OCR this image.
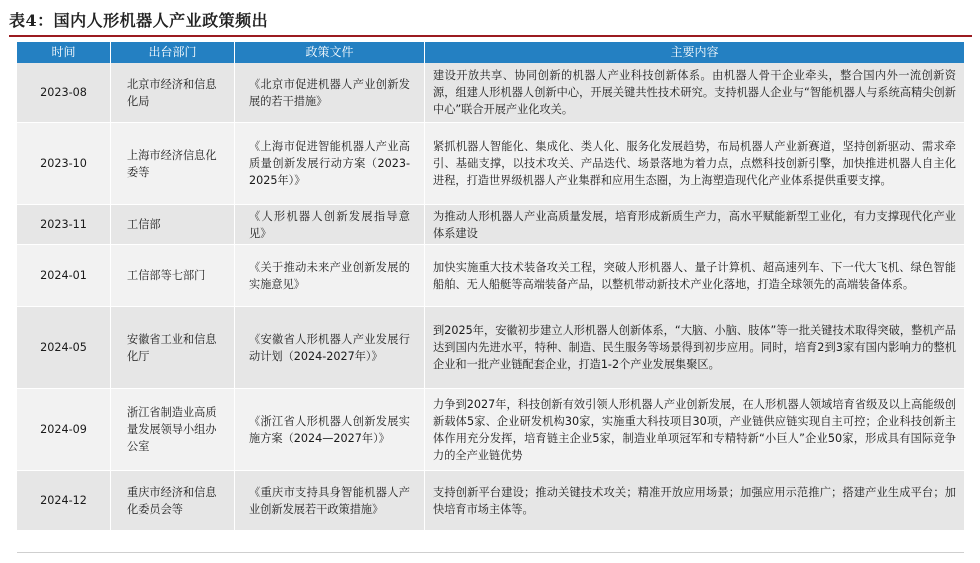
表4：国内人形机器人产业政策频出
时间	出台部门	政策文件	主要内容
2023-08	北京市经济和信息化局	《北京市促进机器人产业创新发展的若干措施》	建设开放共享、协同创新的机器人产业科技创新体系。由机器人骨干企业牵头，整合国内外一流创新资源，组建人形机器人创新中心，开展关键共性技术研究。支持机器人企业与“智能机器人与系统高精尖创新中心”联合开展产业化攻关。
2023-10	上海市经济信息化委等	《上海市促进智能机器人产业高质量创新发展行动方案（2023-2025年）》	紧抓机器人智能化、集成化、类人化、服务化发展趋势，布局机器人产业新赛道，坚持创新驱动、需求牵引、基础支撑，以技术攻关、产品迭代、场景落地为着力点，点燃科技创新引擎，加快推进机器人自主化进程，打造世界级机器人产业集群和应用生态圈，为上海塑造现代化产业体系提供重要支撑。
2023-11	工信部	《人形机器人创新发展指导意见》	为推动人形机器人产业高质量发展，培育形成新质生产力，高水平赋能新型工业化，有力支撑现代化产业体系建设
2024-01	工信部等七部门	《关于推动未来产业创新发展的实施意见》	加快实施重大技术装备攻关工程，突破人形机器人、量子计算机、超高速列车、下一代大飞机、绿色智能船舶、无人船艇等高端装备产品，以整机带动新技术产业化落地，打造全球领先的高端装备体系。
2024-05	安徽省工业和信息化厅	《安徽省人形机器人产业发展行动计划（2024-2027年）》	到2025年，安徽初步建立人形机器人创新体系，“大脑、小脑、肢体”等一批关键技术取得突破，整机产品达到国内先进水平，特种、制造、民生服务等场景得到初步应用。同时，培育2到3家有国内影响力的整机企业和一批产业链配套企业，打造1-2个产业发展集聚区。
2024-09	浙江省制造业高质量发展领导小组办公室	《浙江省人形机器人创新发展实施方案（2024—2027年）》	力争到2027年，科技创新有效引领人形机器人产业创新发展，在人形机器人领域培育省级及以上高能级创新载体5家、企业研发机构30家，实施重大科技项目30项，产业链供应链实现自主可控；企业科技创新主体作用充分发挥，培育链主企业5家，制造业单项冠军和专精特新“小巨人”企业50家，形成具有国际竞争力的全产业链优势
2024-12	重庆市经济和信息化委员会等	《重庆市支持具身智能机器人产业创新发展若干政策措施》	支持创新平台建设；推动关键技术攻关；精准开放应用场景；加强应用示范推广；搭建产业生成平台；加快培育市场主体等。
